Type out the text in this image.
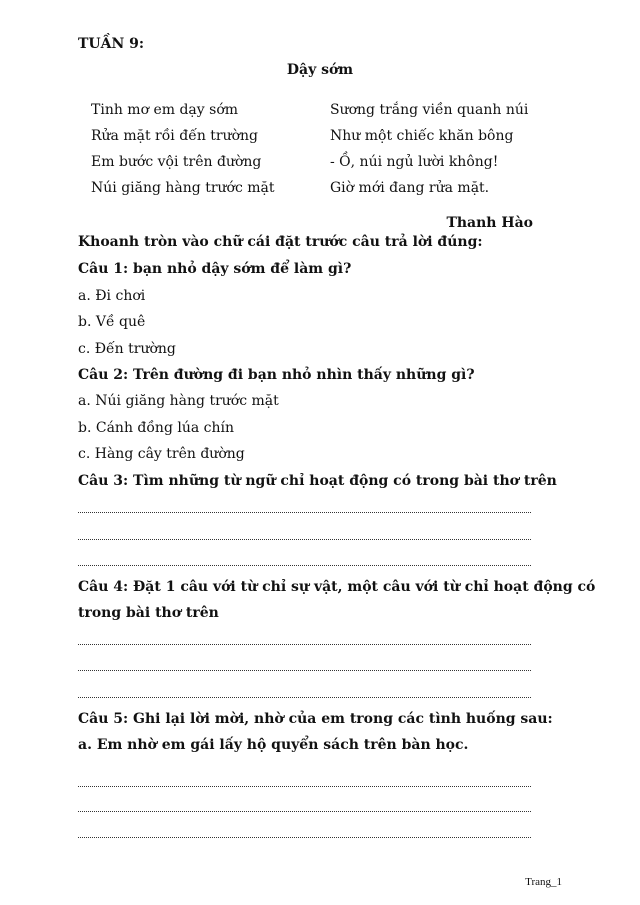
TUẦN 9:
Dậy sớm
Tinh mơ em dạy sớm
Rửa mặt rồi đến trường
Em bước vội trên đường
Núi giăng hàng trước mặt
Sương trắng viền quanh núi
Như một chiếc khăn bông
- Ồ, núi ngủ lười không!
Giờ mới đang rửa mặt.
Thanh Hào
Khoanh tròn vào chữ cái đặt trước câu trả lời đúng:
Câu 1: bạn nhỏ dậy sớm để làm gì?
a. Đi chơi
b. Về quê
c. Đến trường
Câu 2: Trên đường đi bạn nhỏ nhìn thấy những gì?
a. Núi giăng hàng trước mặt
b. Cánh đồng lúa chín
c. Hàng cây trên đường
Câu 3: Tìm những từ ngữ chỉ hoạt động có trong bài thơ trên
Câu 4: Đặt 1 câu với từ chỉ sự vật, một câu với từ chỉ hoạt động có
trong bài thơ trên
Câu 5: Ghi lại lời mời, nhờ của em trong các tình huống sau:
a. Em nhờ em gái lấy hộ quyển sách trên bàn học.
Trang_1
